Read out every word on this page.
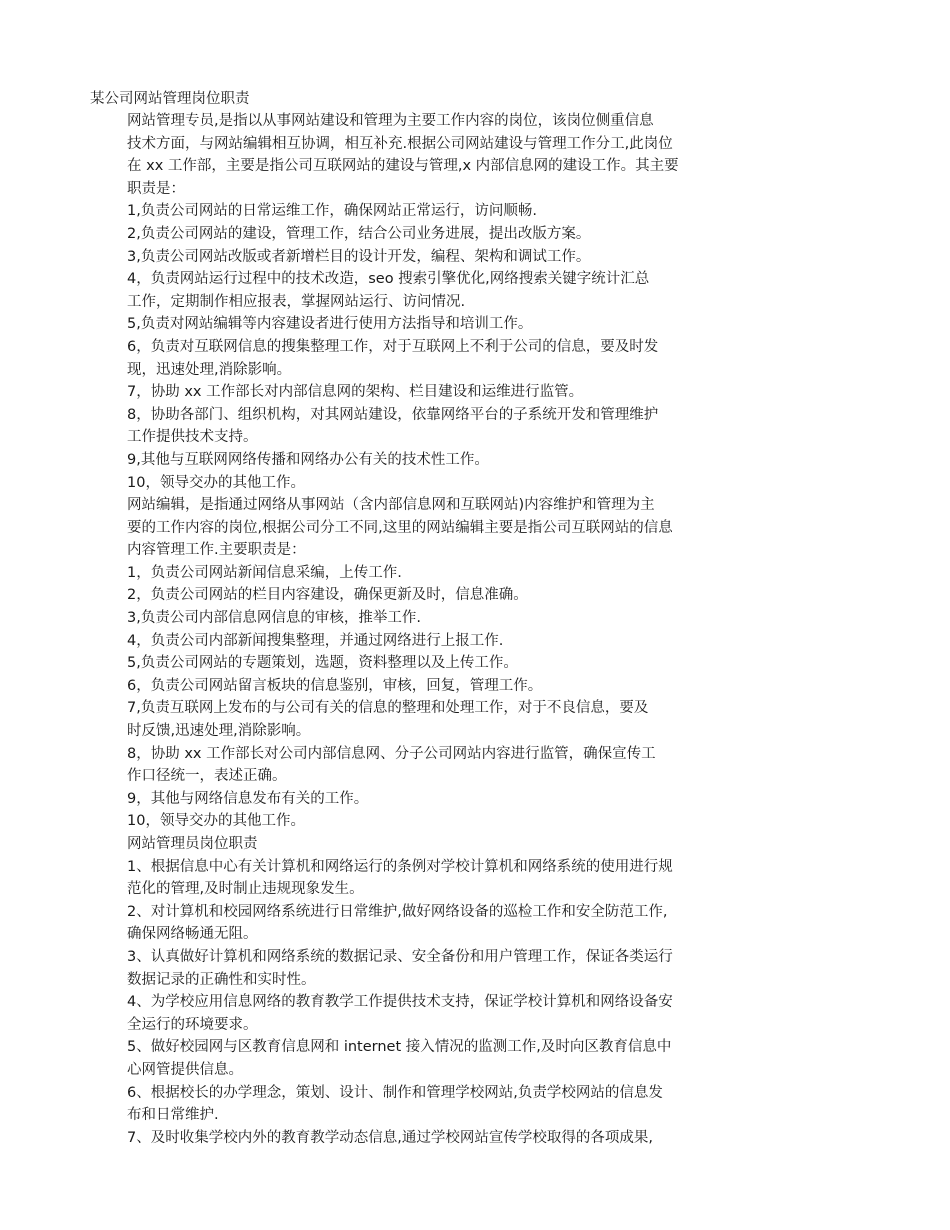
某公司网站管理岗位职责
网站管理专员,是指以从事网站建设和管理为主要工作内容的岗位，该岗位侧重信息
技术方面，与网站编辑相互协调，相互补充.根据公司网站建设与管理工作分工,此岗位
在 xx 工作部，主要是指公司互联网站的建设与管理,x 内部信息网的建设工作。其主要
职责是：
1,负责公司网站的日常运维工作，确保网站正常运行，访问顺畅.
2,负责公司网站的建设，管理工作，结合公司业务进展，提出改版方案。
3,负责公司网站改版或者新增栏目的设计开发，编程、架构和调试工作。
4，负责网站运行过程中的技术改造，seo 搜索引擎优化,网络搜索关键字统计汇总
工作，定期制作相应报表，掌握网站运行、访问情况.
5,负责对网站编辑等内容建设者进行使用方法指导和培训工作。
6，负责对互联网信息的搜集整理工作，对于互联网上不利于公司的信息，要及时发
现，迅速处理,消除影响。
7，协助 xx 工作部长对内部信息网的架构、栏目建设和运维进行监管。
8，协助各部门、组织机构，对其网站建设，依靠网络平台的子系统开发和管理维护
工作提供技术支持。
9,其他与互联网网络传播和网络办公有关的技术性工作。
10，领导交办的其他工作。
网站编辑，是指通过网络从事网站（含内部信息网和互联网站)内容维护和管理为主
要的工作内容的岗位,根据公司分工不同,这里的网站编辑主要是指公司互联网站的信息
内容管理工作.主要职责是：
1，负责公司网站新闻信息采编，上传工作.
2，负责公司网站的栏目内容建设，确保更新及时，信息准确。
3,负责公司内部信息网信息的审核，推举工作.
4，负责公司内部新闻搜集整理，并通过网络进行上报工作.
5,负责公司网站的专题策划，选题，资料整理以及上传工作。
6，负责公司网站留言板块的信息鉴别，审核，回复，管理工作。
7,负责互联网上发布的与公司有关的信息的整理和处理工作，对于不良信息，要及
时反馈,迅速处理,消除影响。
8，协助 xx 工作部长对公司内部信息网、分子公司网站内容进行监管，确保宣传工
作口径统一，表述正确。
9，其他与网络信息发布有关的工作。
10，领导交办的其他工作。
网站管理员岗位职责
1、根据信息中心有关计算机和网络运行的条例对学校计算机和网络系统的使用进行规
范化的管理,及时制止违规现象发生。
2、对计算机和校园网络系统进行日常维护,做好网络设备的巡检工作和安全防范工作,
确保网络畅通无阻。
3、认真做好计算机和网络系统的数据记录、安全备份和用户管理工作，保证各类运行
数据记录的正确性和实时性。
4、为学校应用信息网络的教育教学工作提供技术支持，保证学校计算机和网络设备安
全运行的环境要求。
5、做好校园网与区教育信息网和 internet 接入情况的监测工作,及时向区教育信息中
心网管提供信息。
6、根据校长的办学理念，策划、设计、制作和管理学校网站,负责学校网站的信息发
布和日常维护.
7、及时收集学校内外的教育教学动态信息,通过学校网站宣传学校取得的各项成果,
